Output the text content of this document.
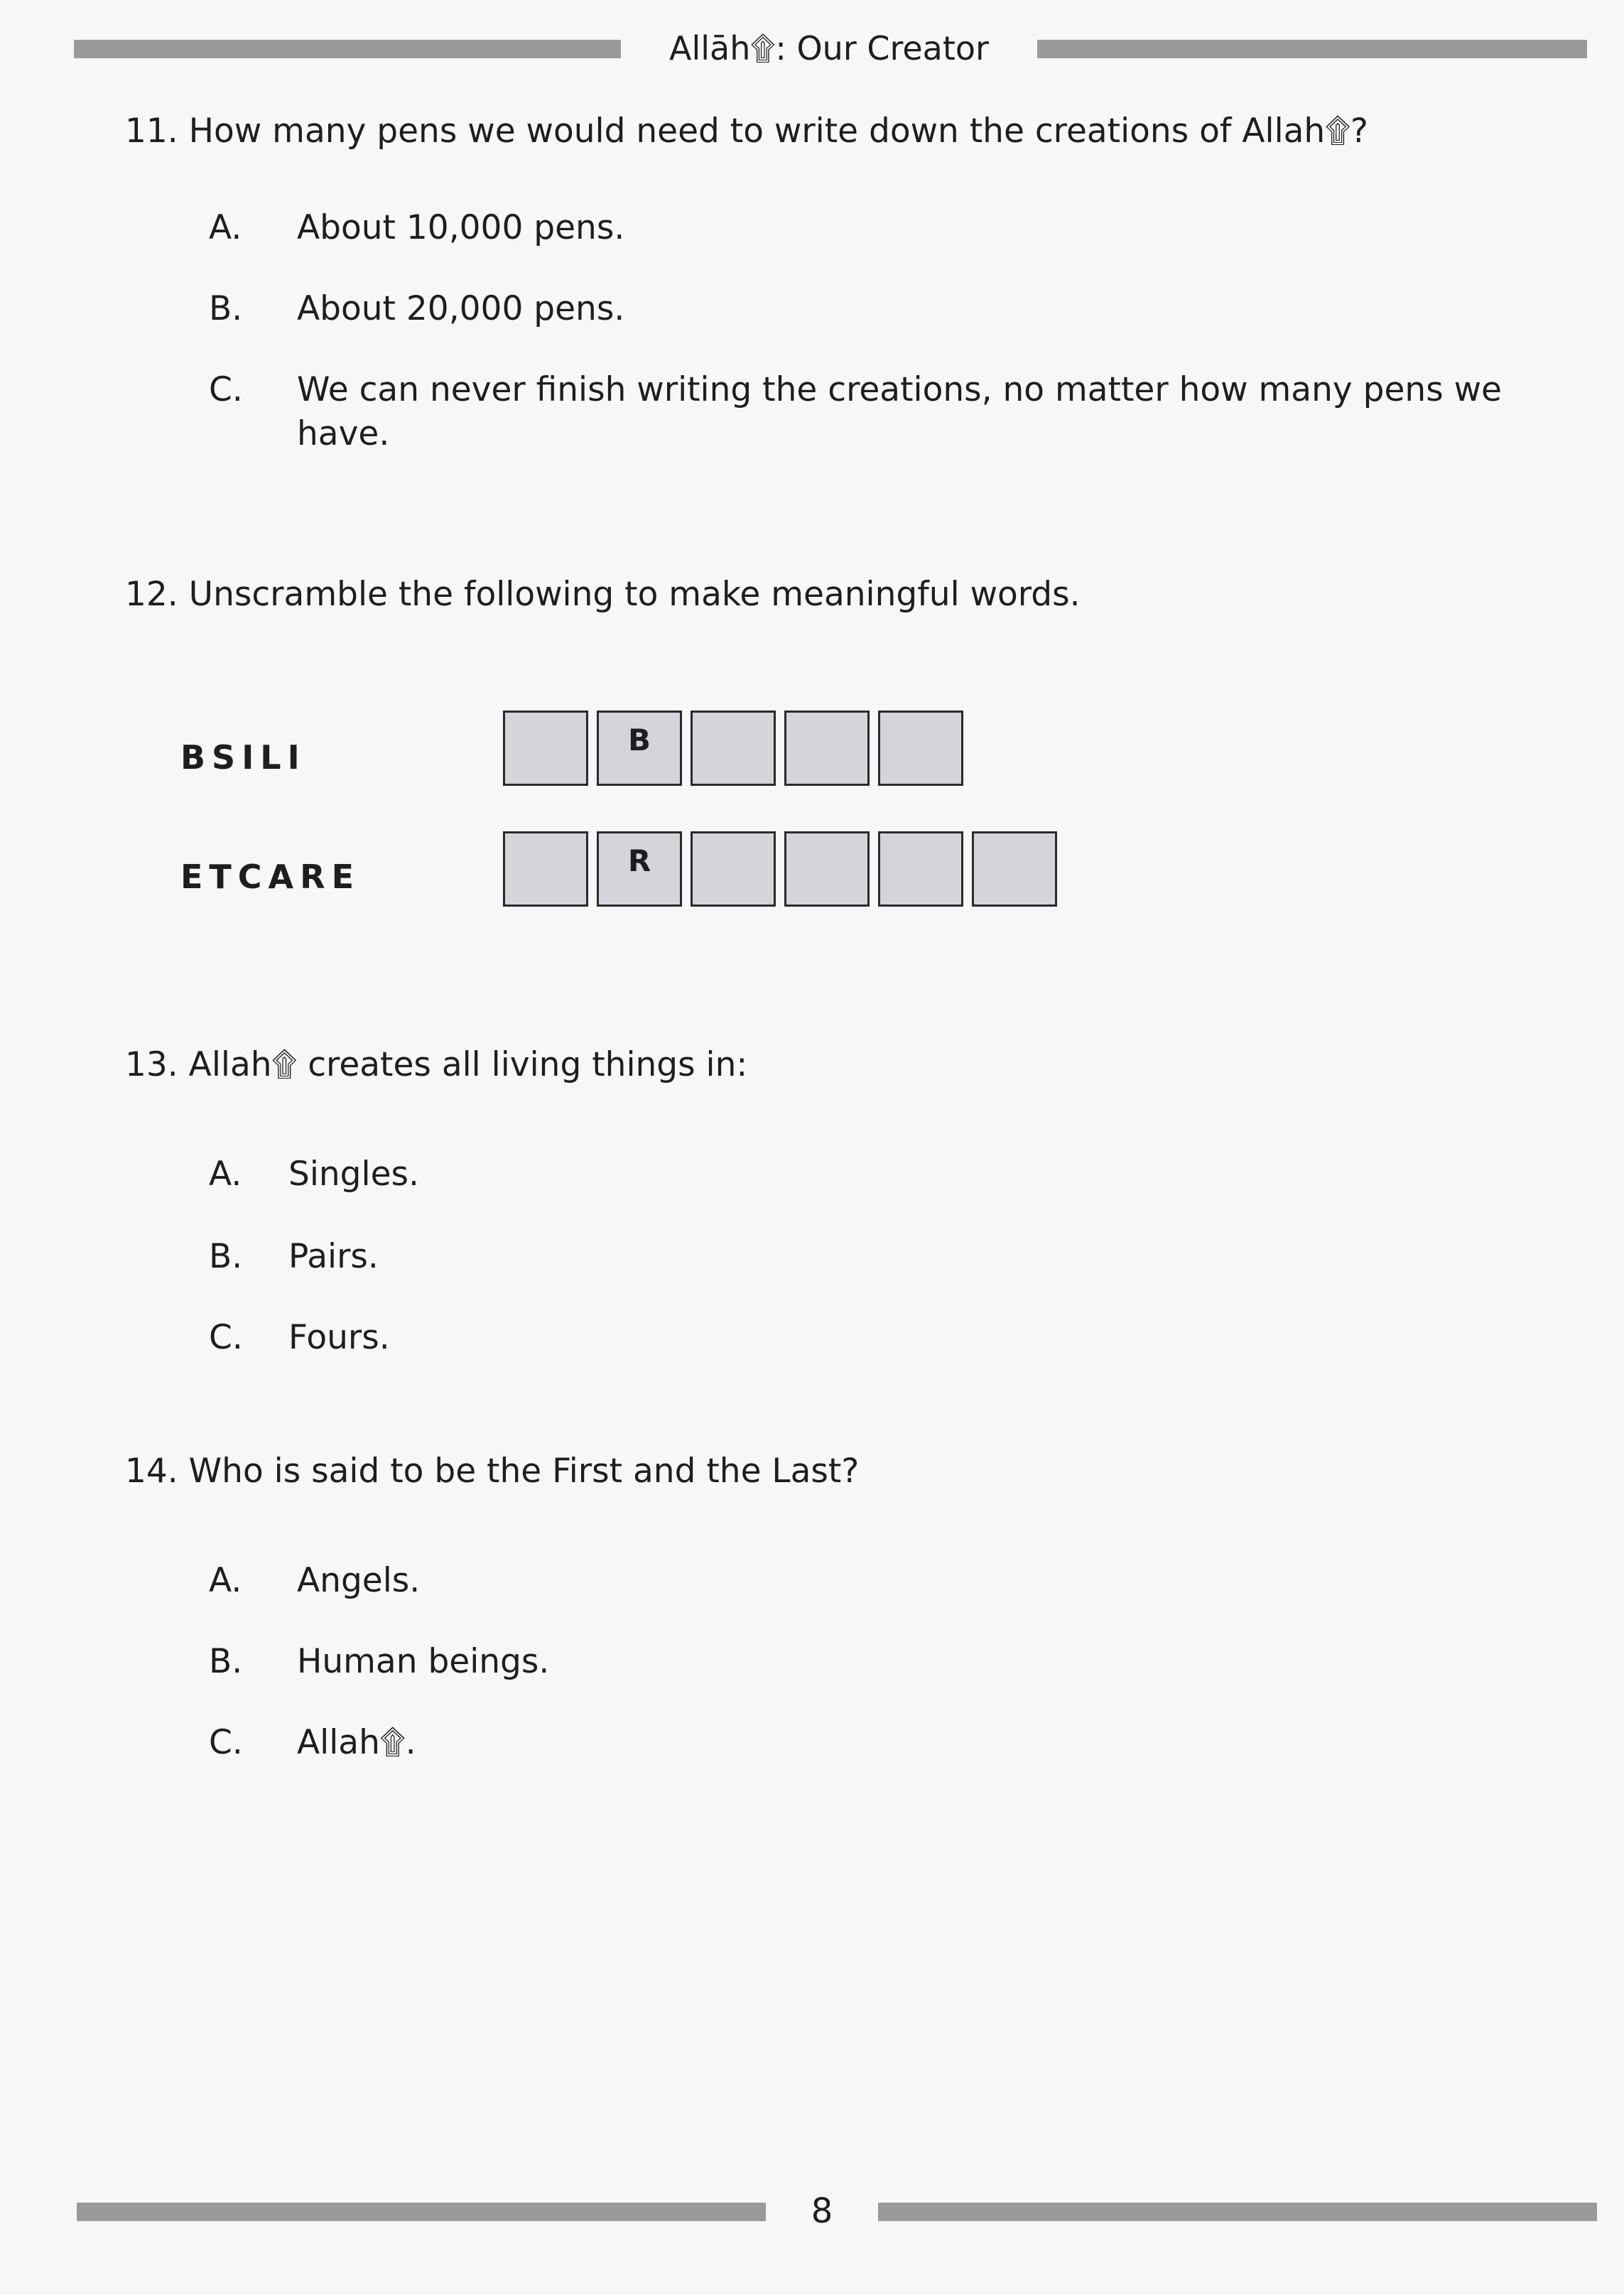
Allāh۩: Our Creator
11. How many pens we would need to write down the creations of Allah۩?
A. About 10,000 pens.
B. About 20,000 pens.
C. We can never finish writing the creations, no matter how many pens we have.
12. Unscramble the following to make meaningful words.
BSILI	B
ETCARE	R
13. Allah۩ creates all living things in:
A. Singles.
B. Pairs.
C. Fours.
14. Who is said to be the First and the Last?
A. Angels.
B. Human beings.
C. Allah۩.
8
